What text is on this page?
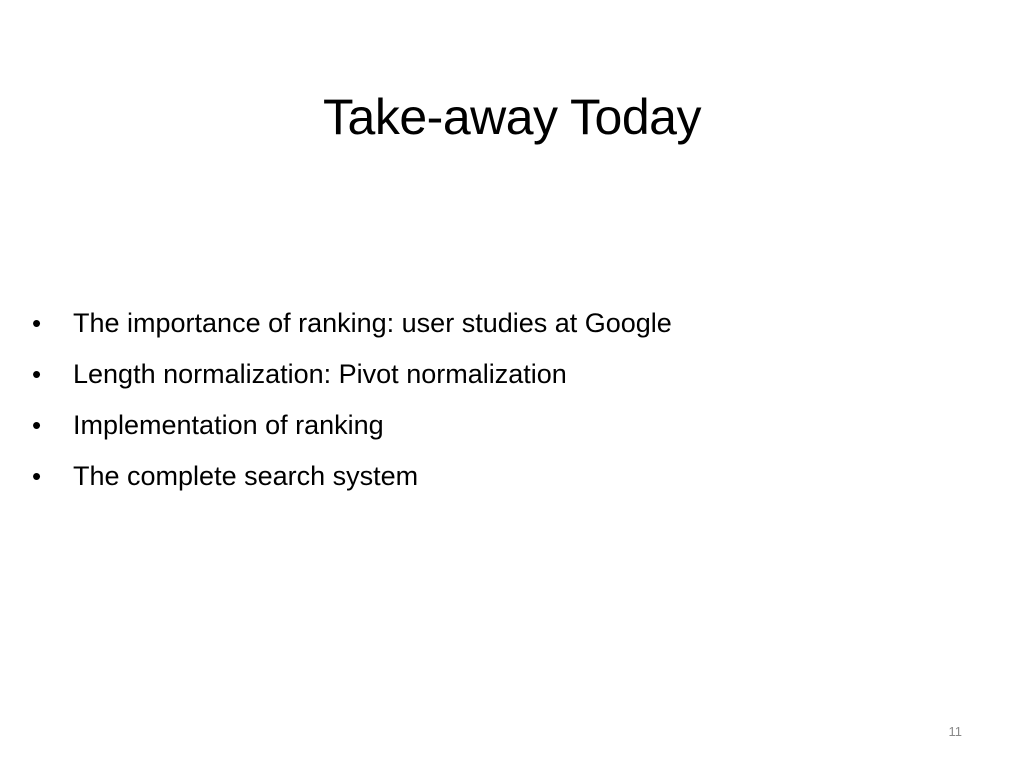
Take-away Today
•	The importance of ranking: user studies at Google
•	Length normalization: Pivot normalization
•	Implementation of ranking
•	The complete search system
11
